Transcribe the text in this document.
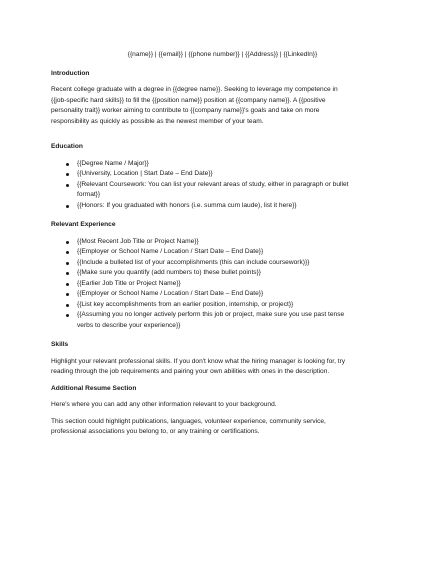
{{name}} | {{email}} | {{phone number}} | {{Address}} | {{LinkedIn}}
Introduction

Recent college graduate with a degree in {{degree name}}. Seeking to leverage my competence in
{{job-specific hard skills}} to fill the {{position name}} position at {{company name}}. A {{positive
personality trait}} worker aiming to contribute to {{company name}}'s goals and take on more
responsibility as quickly as possible as the newest member of your team.

Education
{{Degree Name / Major}}
{{University, Location | Start Date – End Date}}
{{Relevant Coursework: You can list your relevant areas of study, either in paragraph or bullet
format}}
{{Honors: If you graduated with honors (i.e. summa cum laude), list it here}}
Relevant Experience
{{Most Recent Job Title or Project Name}}
{{Employer or School Name / Location / Start Date – End Date}}
{{Include a bulleted list of your accomplishments (this can include coursework)}}
{{Make sure you quantify (add numbers to) these bullet points}}
{{Earlier Job Title or Project Name}}
{{Employer or School Name / Location / Start Date – End Date}}
{{List key accomplishments from an earlier position, internship, or project}}
{{Assuming you no longer actively perform this job or project, make sure you use past tense
verbs to describe your experience}}
Skills

Highlight your relevant professional skills. If you don't know what the hiring manager is looking for, try
reading through the job requirements and pairing your own abilities with ones in the description.

Additional Resume Section

Here's where you can add any other information relevant to your background.

This section could highlight publications, languages, volunteer experience, community service,
professional associations you belong to, or any training or certifications.
